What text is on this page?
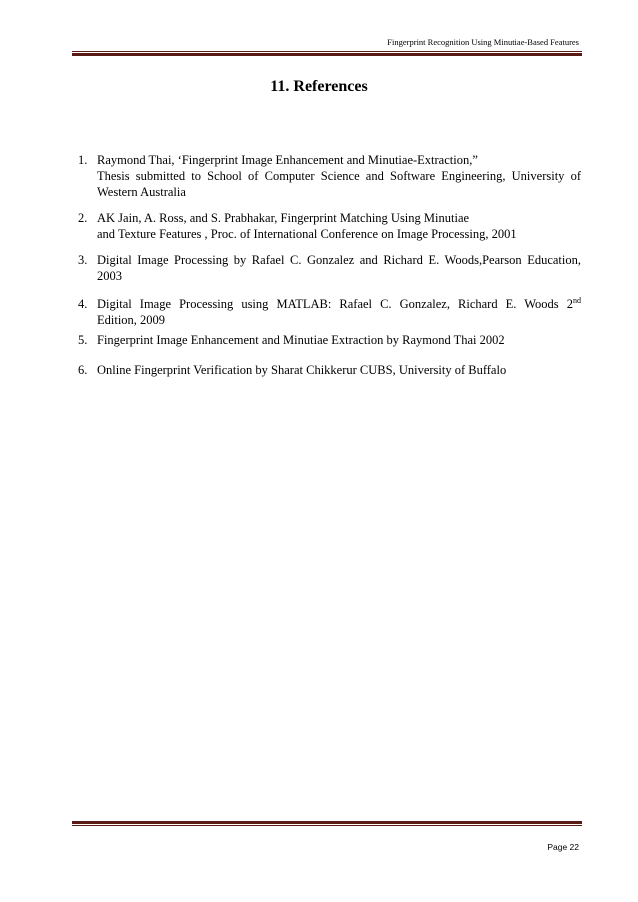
Fingerprint Recognition Using Minutiae-Based Features
11. References
1. Raymond Thai, ‘Fingerprint Image Enhancement and Minutiae-Extraction,”
Thesis submitted to School of Computer Science and Software Engineering, University of
Western Australia
2. AK Jain, A. Ross, and S. Prabhakar, Fingerprint Matching Using Minutiae
and Texture Features , Proc. of International Conference on Image Processing, 2001
3. Digital Image Processing by Rafael C. Gonzalez and Richard E. Woods,Pearson Education,
2003
4. Digital Image Processing using MATLAB: Rafael C. Gonzalez, Richard E. Woods 2nd
Edition, 2009
5. Fingerprint Image Enhancement and Minutiae Extraction by Raymond Thai 2002
6. Online Fingerprint Verification by Sharat Chikkerur CUBS, University of Buffalo
Page 22
